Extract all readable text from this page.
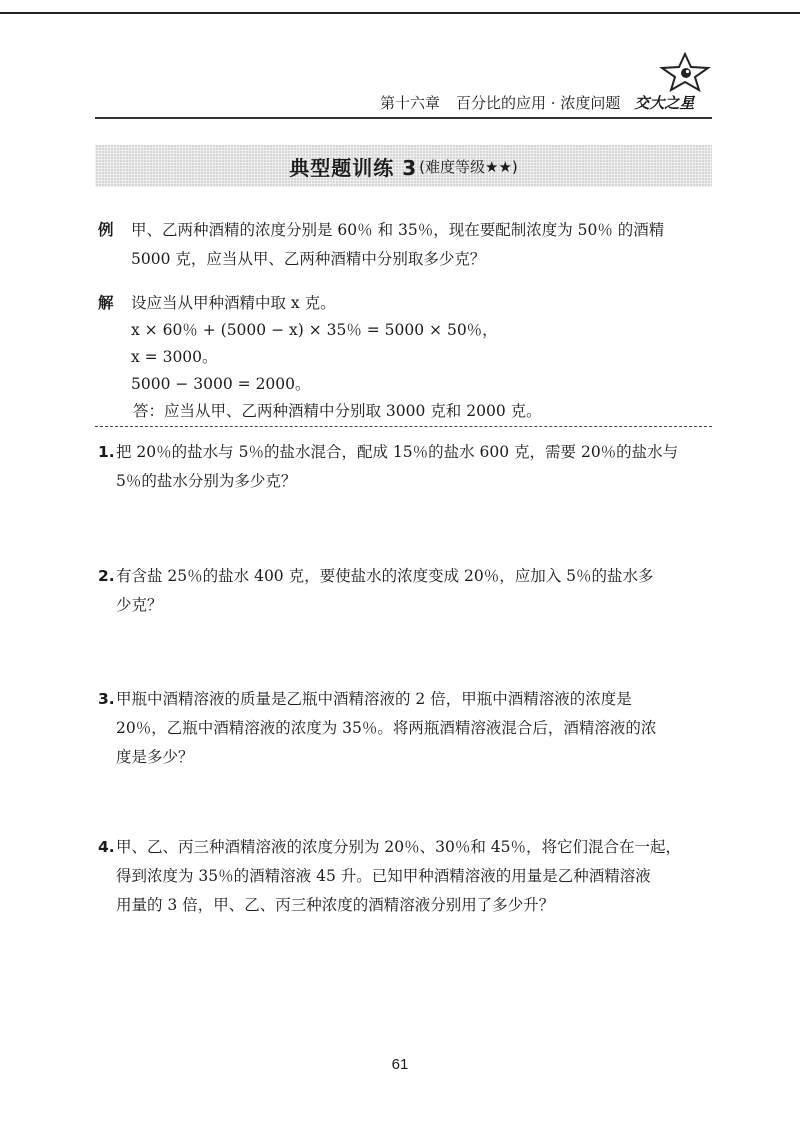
第十六章 百分比的应用 · 浓度问题 交大之星
典型题训练 3 (难度等级★★)
例 甲、乙两种酒精的浓度分别是 60％ 和 35％，现在要配制浓度为 50％ 的酒精
5000 克，应当从甲、乙两种酒精中分别取多少克？
解 设应当从甲种酒精中取 x 克。
x × 60％ + (5000 − x) × 35％ = 5000 × 50％，
x = 3000。
5000 − 3000 = 2000。
答：应当从甲、乙两种酒精中分别取 3000 克和 2000 克。
1. 把 20％的盐水与 5％的盐水混合，配成 15％的盐水 600 克，需要 20％的盐水与
5％的盐水分别为多少克？
2. 有含盐 25％的盐水 400 克，要使盐水的浓度变成 20％，应加入 5％的盐水多
少克？
3. 甲瓶中酒精溶液的质量是乙瓶中酒精溶液的 2 倍，甲瓶中酒精溶液的浓度是
20％，乙瓶中酒精溶液的浓度为 35％。将两瓶酒精溶液混合后，酒精溶液的浓
度是多少？
4. 甲、乙、丙三种酒精溶液的浓度分别为 20％、30％和 45％，将它们混合在一起，
得到浓度为 35％的酒精溶液 45 升。已知甲种酒精溶液的用量是乙种酒精溶液
用量的 3 倍，甲、乙、丙三种浓度的酒精溶液分别用了多少升？
61
